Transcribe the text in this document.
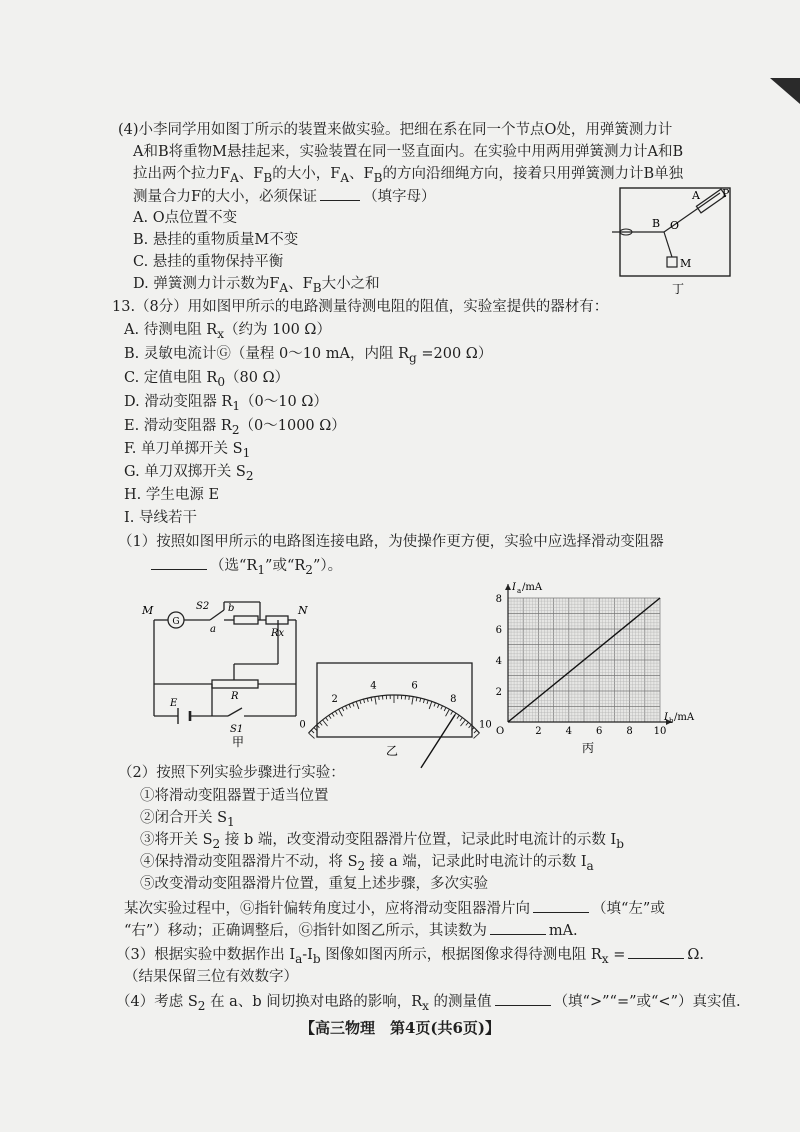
(4)小李同学用如图丁所示的装置来做实验。把细在系在同一个节点O处，用弹簧测力计
A和B将重物M悬挂起来，实验装置在同一竖直面内。在实验中用两用弹簧测力计A和B
拉出两个拉力$F_A$、$F_B$的大小，$F_A$、$F_B$的方向沿细绳方向，接着只用弹簧测力计B单独
测量合力F的大小，必须保证	（填字母）
A. O点位置不变
B. 悬挂的重物质量M不变
C. 悬挂的重物保持平衡
D. 弹簧测力计示数为$F_A$、$F_B$大小之和
B O
A P
M
丁
13.（8分）用如图甲所示的电路测量待测电阻的阻值，实验室提供的器材有：
A. 待测电阻 $R_x$（约为 100 Ω）
B. 灵敏电流计Ⓖ（量程 0～10 mA，内阻 $R_g =200$ Ω）
C. 定值电阻 $R_0(80$ Ω）
D. 滑动变阻器 $R_1(0\sim 10$ Ω）
E. 滑动变阻器 $R_2(0\sim 1000$ Ω）
F. 单刀单掷开关 $S_1$
G. 单刀双掷开关 $S_2$
H. 学生电源 E
I. 导线若干
（1）按照如图甲所示的电路图连接电路，为使操作更方便，实验中应选择滑动变阻器
（选“$R_1$”或“$R_2$”）。
G
M	N
S2
a
b
Rx
R
E
S1
甲
0
2
4	6
8
10
乙
2 4 6 8 10
2
4
6
8
O
I a /mA
I b /mA
丙
（2）按照下列实验步骤进行实验：
①将滑动变阻器置于适当位置
②闭合开关 $S_1$
③将开关 $S_2$ 接 b 端，改变滑动变阻器滑片位置，记录此时电流计的示数 $I_b$
④保持滑动变阻器滑片不动，将 $S_2$ 接 a 端，记录此时电流计的示数 $I_a$
⑤改变滑动变阻器滑片位置，重复上述步骤，多次实验
某次实验过程中，Ⓖ指针偏转角度过小，应将滑动变阻器滑片向	（填“左”或
“右”）移动；正确调整后，Ⓖ指针如图乙所示，其读数为	mA.
（3）根据实验中数据作出 $I_a-I_b$ 图像如图丙所示，根据图像求得待测电阻 $R_x$ =	Ω.
（结果保留三位有效数字）
（4）考虑 $S_2$ 在 a、b 间切换对电路的影响，$R_x$ 的测量值	（填“>”“=”或“<”）真实值.
【高三物理　第4页(共6页)】
